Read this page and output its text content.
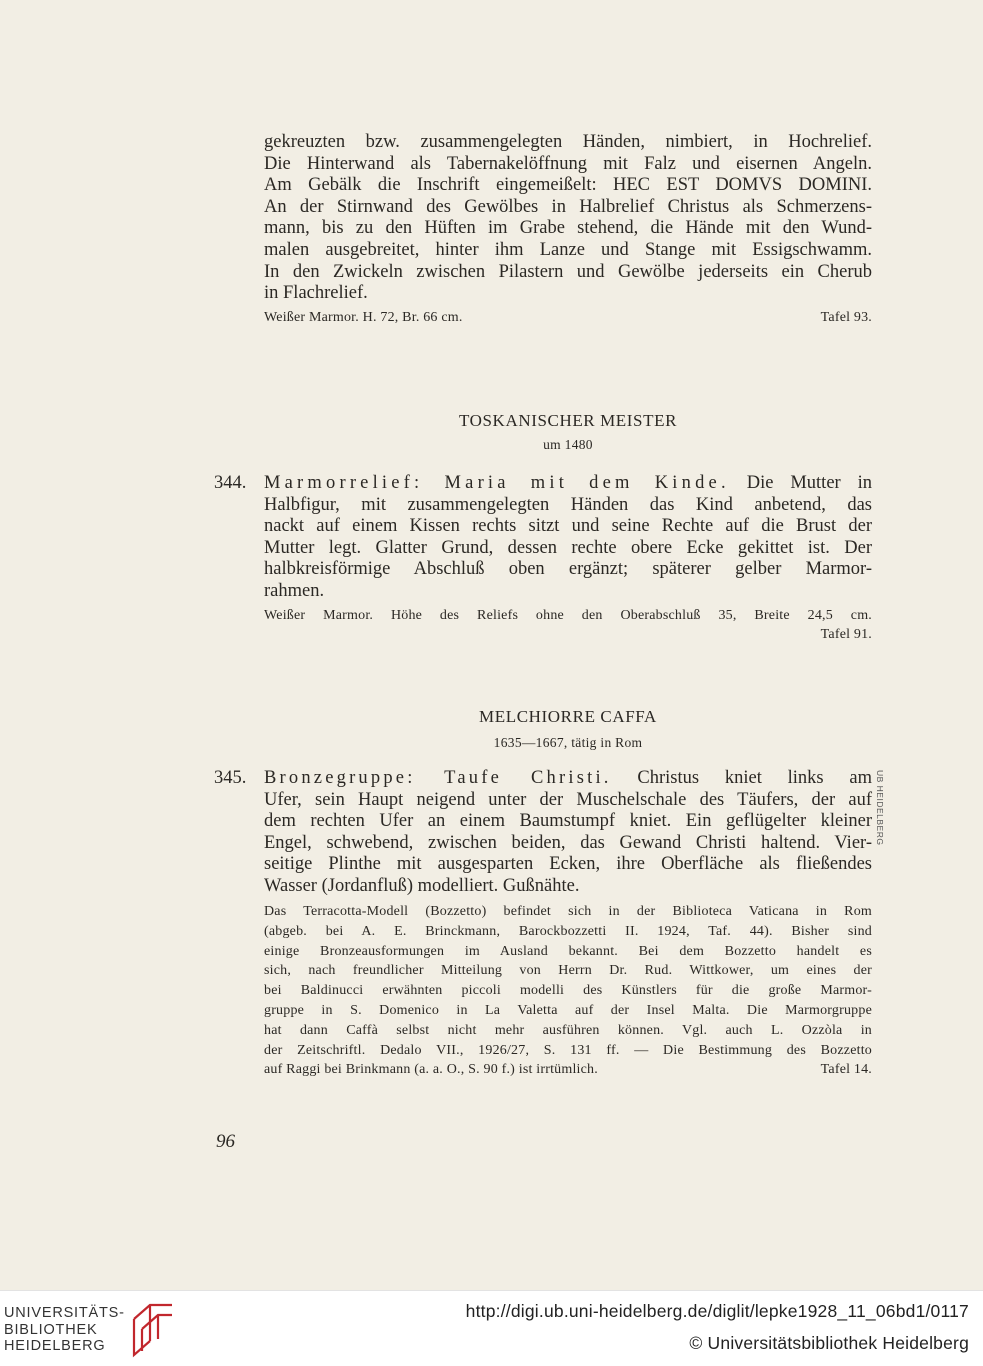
gekreuzten bzw. zusammengelegten Händen, nimbiert, in Hochrelief.
Die Hinterwand als Tabernakelöffnung mit Falz und eisernen Angeln.
Am Gebälk die Inschrift eingemeißelt: HEC EST DOMVS DOMINI.
An der Stirnwand des Gewölbes in Halbrelief Christus als Schmerzens-
mann, bis zu den Hüften im Grabe stehend, die Hände mit den Wund-
malen ausgebreitet, hinter ihm Lanze und Stange mit Essigschwamm.
In den Zwickeln zwischen Pilastern und Gewölbe jederseits ein Cherub
in Flachrelief.
Weißer Marmor. H. 72, Br. 66 cm.	Tafel 93.
TOSKANISCHER MEISTER
um 1480
344. Marmorrelief: Maria mit dem Kinde. Die Mutter in
Halbfigur, mit zusammengelegten Händen das Kind anbetend, das
nackt auf einem Kissen rechts sitzt und seine Rechte auf die Brust der
Mutter legt. Glatter Grund, dessen rechte obere Ecke gekittet ist. Der
halbkreisförmige Abschluß oben ergänzt; späterer gelber Marmor-
rahmen.
Weißer Marmor. Höhe des Reliefs ohne den Oberabschluß 35, Breite 24,5 cm.
Tafel 91.
MELCHIORRE CAFFA
1635—1667, tätig in Rom
345. Bronzegruppe: Taufe Christi. Christus kniet links am
Ufer, sein Haupt neigend unter der Muschelschale des Täufers, der auf
dem rechten Ufer an einem Baumstumpf kniet. Ein geflügelter kleiner
Engel, schwebend, zwischen beiden, das Gewand Christi haltend. Vier-
seitige Plinthe mit ausgesparten Ecken, ihre Oberfläche als fließendes
Wasser (Jordanfluß) modelliert. Gußnähte.
Das Terracotta-Modell (Bozzetto) befindet sich in der Biblioteca Vaticana in Rom
(abgeb. bei A. E. Brinckmann, Barockbozzetti II. 1924, Taf. 44). Bisher sind
einige Bronzeausformungen im Ausland bekannt. Bei dem Bozzetto handelt es
sich, nach freundlicher Mitteilung von Herrn Dr. Rud. Wittkower, um eines der
bei Baldinucci erwähnten piccoli modelli des Künstlers für die große Marmor-
gruppe in S. Domenico in La Valetta auf der Insel Malta. Die Marmorgruppe
hat dann Caffà selbst nicht mehr ausführen können. Vgl. auch L. Ozzòla in
der Zeitschriftl. Dedalo VII., 1926/27, S. 131 ff. — Die Bestimmung des Bozzetto
auf Raggi bei Brinkmann (a. a. O., S. 90 f.) ist irrtümlich.	Tafel 14.
UB HEIDELBERG
96
UNIVERSITÄTS-
BIBLIOTHEK
HEIDELBERG
http://digi.ub.uni-heidelberg.de/diglit/lepke1928_11_06bd1/0117
© Universitätsbibliothek Heidelberg
